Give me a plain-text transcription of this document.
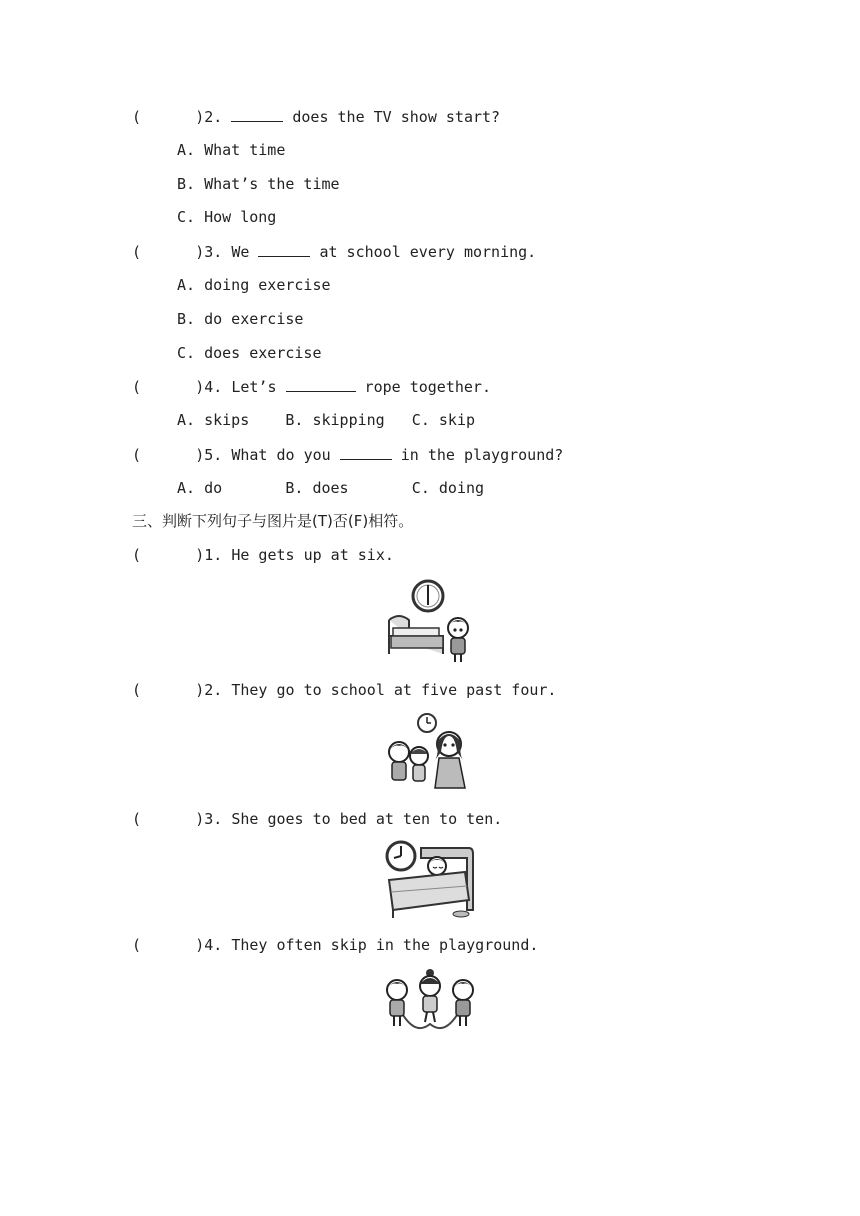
(      )2.	does the TV show start?
A. What time
B. What’s the time
C. How long
(      )3. We	at school every morning.
A. doing exercise
B. do exercise
C. does exercise
(      )4. Let’s	rope together.
A. skips    B. skipping   C. skip
(      )5. What do you	in the playground?
A. do       B. does       C. doing
三、判断下列句子与图片是(T)否(F)相符。
(      )1. He gets up at six.
(      )2. They go to school at five past four.
(      )3. She goes to bed at ten to ten.
(      )4. They often skip in the playground.
